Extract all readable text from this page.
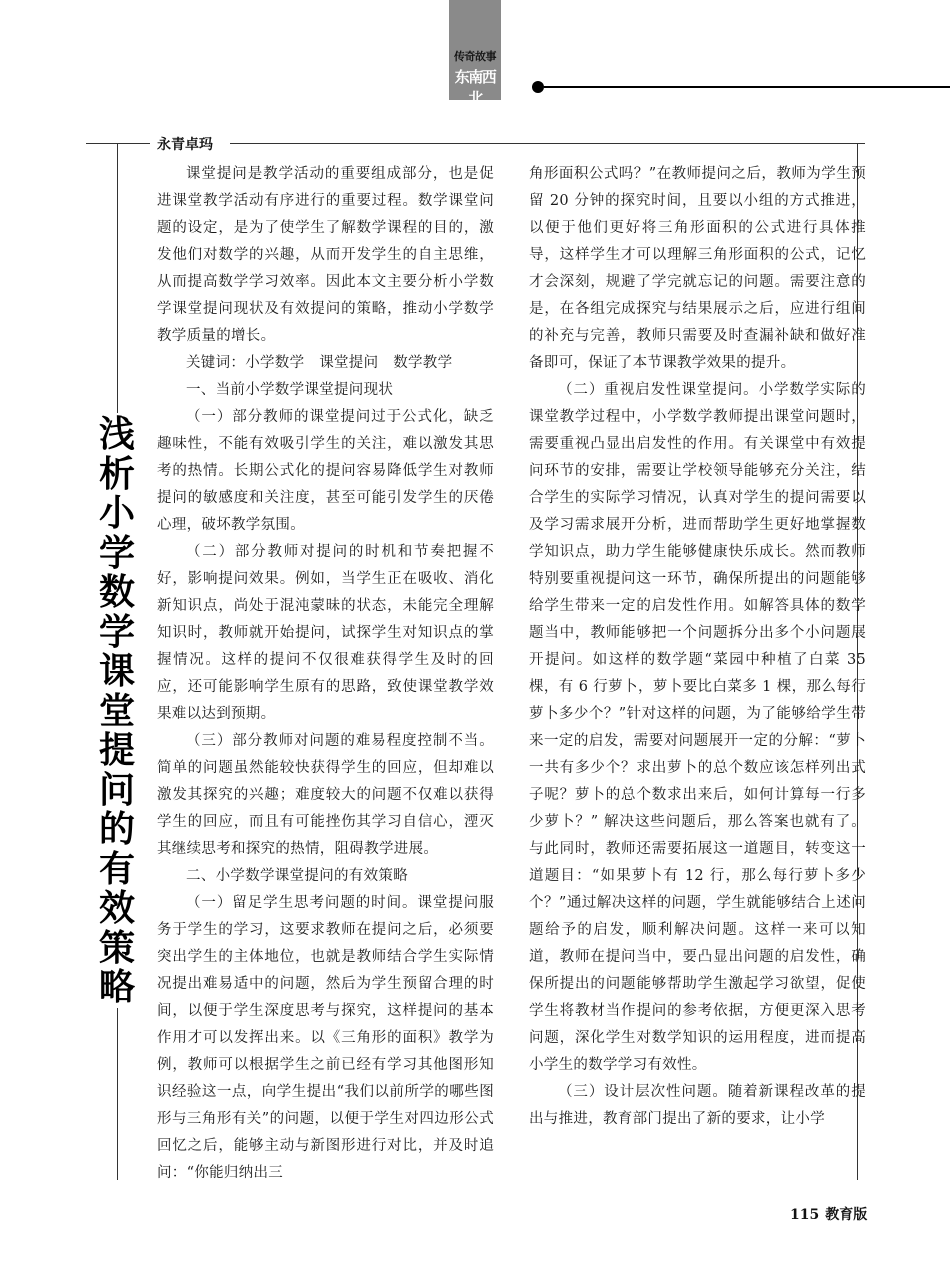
传奇故事
东南西北
永青卓玛
浅析小学数学课堂提问的有效策略

课堂提问是教学活动的重要组成部分，也是促进课堂教学活动有序进行的重要过程。数学课堂问题的设定，是为了使学生了解数学课程的目的，激发他们对数学的兴趣，从而开发学生的自主思维，从而提高数学学习效率。因此本文主要分析小学数学课堂提问现状及有效提问的策略，推动小学数学教学质量的增长。

关键词：小学数学　课堂提问　数学教学

一、当前小学数学课堂提问现状

（一）部分教师的课堂提问过于公式化，缺乏趣味性，不能有效吸引学生的关注，难以激发其思考的热情。长期公式化的提问容易降低学生对教师提问的敏感度和关注度，甚至可能引发学生的厌倦心理，破坏教学氛围。

（二）部分教师对提问的时机和节奏把握不好，影响提问效果。例如，当学生正在吸收、消化新知识点，尚处于混沌蒙昧的状态，未能完全理解知识时，教师就开始提问，试探学生对知识点的掌握情况。这样的提问不仅很难获得学生及时的回应，还可能影响学生原有的思路，致使课堂教学效果难以达到预期。

（三）部分教师对问题的难易程度控制不当。简单的问题虽然能较快获得学生的回应，但却难以激发其探究的兴趣；难度较大的问题不仅难以获得学生的回应，而且有可能挫伤其学习自信心，湮灭其继续思考和探究的热情，阻碍教学进展。

二、小学数学课堂提问的有效策略

（一）留足学生思考问题的时间。课堂提问服务于学生的学习，这要求教师在提问之后，必须要突出学生的主体地位，也就是教师结合学生实际情况提出难易适中的问题，然后为学生预留合理的时间，以便于学生深度思考与探究，这样提问的基本作用才可以发挥出来。以《三角形的面积》教学为例，教师可以根据学生之前已经有学习其他图形知识经验这一点，向学生提出“我们以前所学的哪些图形与三角形有关”的问题，以便于学生对四边形公式回忆之后，能够主动与新图形进行对比，并及时追问：“你能归纳出三

角形面积公式吗？”在教师提问之后，教师为学生预留 20 分钟的探究时间，且要以小组的方式推进，以便于他们更好将三角形面积的公式进行具体推导，这样学生才可以理解三角形面积的公式，记忆才会深刻，规避了学完就忘记的问题。需要注意的是，在各组完成探究与结果展示之后，应进行组间的补充与完善，教师只需要及时查漏补缺和做好准备即可，保证了本节课教学效果的提升。

（二）重视启发性课堂提问。小学数学实际的课堂教学过程中，小学数学教师提出课堂问题时，需要重视凸显出启发性的作用。有关课堂中有效提问环节的安排，需要让学校领导能够充分关注，结合学生的实际学习情况，认真对学生的提问需要以及学习需求展开分析，进而帮助学生更好地掌握数学知识点，助力学生能够健康快乐成长。然而教师特别要重视提问这一环节，确保所提出的问题能够给学生带来一定的启发性作用。如解答具体的数学题当中，教师能够把一个问题拆分出多个小问题展开提问。如这样的数学题“菜园中种植了白菜 35 棵，有 6 行萝卜，萝卜要比白菜多 1 棵，那么每行萝卜多少个？”针对这样的问题，为了能够给学生带来一定的启发，需要对问题展开一定的分解：“萝卜一共有多少个？求出萝卜的总个数应该怎样列出式子呢？萝卜的总个数求出来后，如何计算每一行多少萝卜？” 解决这些问题后，那么答案也就有了。与此同时，教师还需要拓展这一道题目，转变这一道题目：“如果萝卜有 12 行，那么每行萝卜多少个？”通过解决这样的问题，学生就能够结合上述问题给予的启发，顺利解决问题。这样一来可以知道，教师在提问当中，要凸显出问题的启发性，确保所提出的问题能够帮助学生激起学习欲望，促使学生将教材当作提问的参考依据，方便更深入思考问题，深化学生对数学知识的运用程度，进而提高小学生的数学学习有效性。

（三）设计层次性问题。随着新课程改革的提出与推进，教育部门提出了新的要求，让小学

115 教育版
